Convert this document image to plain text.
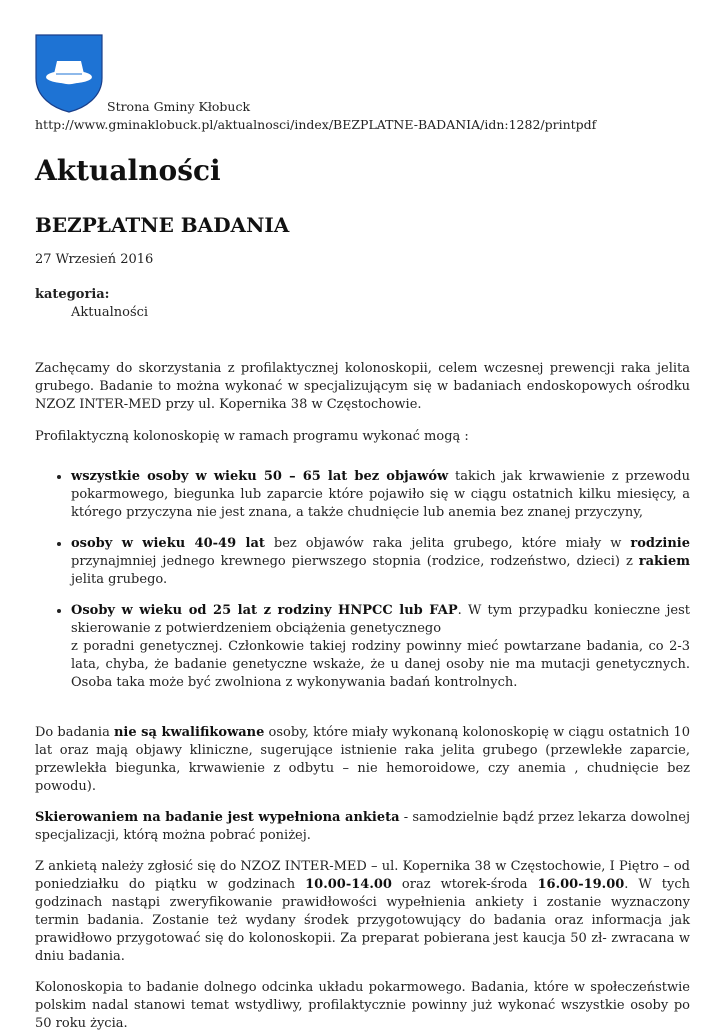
Strona Gminy Kłobuck
http://www.gminaklobuck.pl/aktualnosci/index/BEZPLATNE-BADANIA/idn:1282/printpdf
Aktualności
BEZPŁATNE BADANIA
27 Wrzesień 2016
kategoria:
Aktualności

Zachęcamy do skorzystania z profilaktycznej kolonoskopii, celem wczesnej prewencji raka jelita grubego. Badanie to można wykonać w specjalizującym się w badaniach endoskopowych ośrodku NZOZ INTER-MED przy ul. Kopernika 38 w Częstochowie.

Profilaktyczną kolonoskopię w ramach programu wykonać mogą :

• wszystkie osoby w wieku 50 – 65 lat bez objawów takich jak krwawienie z przewodu pokarmowego, biegunka lub zaparcie które pojawiło się w ciągu ostatnich kilku miesięcy, a którego przyczyna nie jest znana, a także chudnięcie lub anemia bez znanej przyczyny,
• osoby w wieku 40-49 lat bez objawów raka jelita grubego, które miały w rodzinie przynajmniej jednego krewnego pierwszego stopnia (rodzice, rodzeństwo, dzieci) z rakiem jelita grubego.
• Osoby w wieku od 25 lat z rodziny HNPCC lub FAP. W tym przypadku konieczne jest skierowanie z potwierdzeniem obciążenia genetycznego
z poradni genetycznej. Członkowie takiej rodziny powinny mieć powtarzane badania, co 2-3 lata, chyba, że badanie genetyczne wskaże, że u danej osoby nie ma mutacji genetycznych. Osoba taka może być zwolniona z wykonywania badań kontrolnych.

Do badania nie są kwalifikowane osoby, które miały wykonaną kolonoskopię w ciągu ostatnich 10 lat oraz mają objawy kliniczne, sugerujące istnienie raka jelita grubego (przewlekłe zaparcie, przewlekła biegunka, krwawienie z odbytu – nie hemoroidowe, czy anemia , chudnięcie bez powodu).

Skierowaniem na badanie jest wypełniona ankieta - samodzielnie bądź przez lekarza dowolnej specjalizacji, którą można pobrać poniżej.

Z ankietą należy zgłosić się do NZOZ INTER-MED – ul. Kopernika 38 w Częstochowie, I Piętro – od poniedziałku do piątku w godzinach 10.00-14.00 oraz wtorek-środa 16.00-19.00. W tych godzinach nastąpi zweryfikowanie prawidłowości wypełnienia ankiety i zostanie wyznaczony termin badania. Zostanie też wydany środek przygotowujący do badania oraz informacja jak prawidłowo przygotować się do kolonoskopii. Za preparat pobierana jest kaucja 50 zł- zwracana w dniu badania.

Kolonoskopia to badanie dolnego odcinka układu pokarmowego. Badania, które w społeczeństwie polskim nadal stanowi temat wstydliwy, profilaktycznie powinny już wykonać wszystkie osoby po 50 roku życia.
